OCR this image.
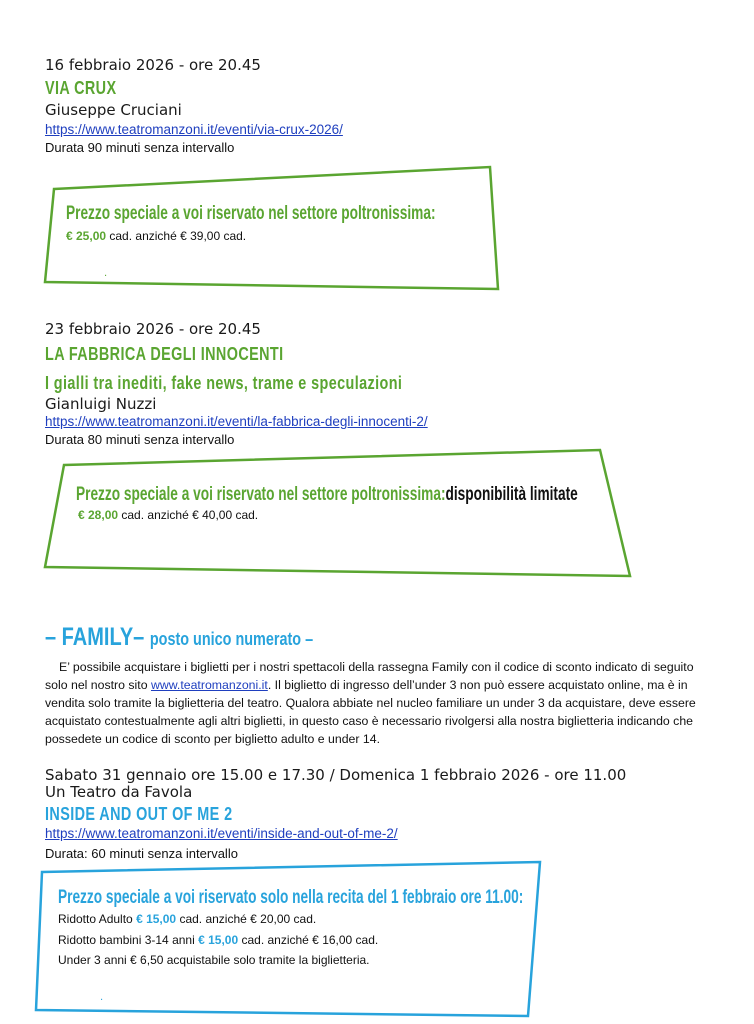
16 febbraio 2026 - ore 20.45
VIA CRUX
Giuseppe Cruciani
https://www.teatromanzoni.it/eventi/via-crux-2026/
Durata 90 minuti senza intervallo
Prezzo speciale a voi riservato nel settore poltronissima:
€ 25,00 cad. anziché € 39,00 cad.
.
23 febbraio 2026 - ore 20.45
LA FABBRICA DEGLI INNOCENTI
I gialli tra inediti, fake news, trame e speculazioni
Gianluigi Nuzzi
https://www.teatromanzoni.it/eventi/la-fabbrica-degli-innocenti-2/
Durata 80 minuti senza intervallo
Prezzo speciale a voi riservato nel settore poltronissima:disponibilità limitate
€ 28,00 cad. anziché € 40,00 cad.
– FAMILY– posto unico numerato –
E’ possibile acquistare i biglietti per i nostri spettacoli della rassegna Family con il codice di sconto indicato di seguito solo nel nostro sito www.teatromanzoni.it. Il biglietto di ingresso dell’under 3 non può essere acquistato online, ma è in vendita solo tramite la biglietteria del teatro. Qualora abbiate nel nucleo familiare un under 3 da acquistare, deve essere acquistato contestualmente agli altri biglietti, in questo caso è necessario rivolgersi alla nostra biglietteria indicando che possedete un codice di sconto per biglietto adulto e under 14.
Sabato 31 gennaio ore 15.00 e 17.30 / Domenica 1 febbraio 2026 - ore 11.00
Un Teatro da Favola
INSIDE AND OUT OF ME 2
https://www.teatromanzoni.it/eventi/inside-and-out-of-me-2/
Durata: 60 minuti senza intervallo
Prezzo speciale a voi riservato solo nella recita del 1 febbraio ore 11.00:
Ridotto Adulto € 15,00 cad. anziché € 20,00 cad.
Ridotto bambini 3-14 anni € 15,00 cad. anziché € 16,00 cad.
Under 3 anni € 6,50 acquistabile solo tramite la biglietteria.
.
